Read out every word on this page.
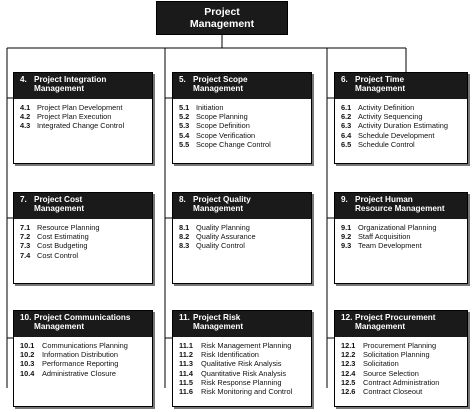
Project
Management
4. Project Integration
Management
4.1 Project Plan Development
4.2 Project Plan Execution
4.3 Integrated Change Control
5. Project Scope
Management
5.1 Initiation
5.2 Scope Planning
5.3 Scope Definition
5.4 Scope Verification
5.5 Scope Change Control
6. Project Time
Management
6.1 Activity Definition
6.2 Activity Sequencing
6.3 Activity Duration Estimating
6.4 Schedule Development
6.5 Schedule Control
7. Project Cost
Management
7.1 Resource Planning
7.2 Cost Estimating
7.3 Cost Budgeting
7.4 Cost Control
8. Project Quality
Management
8.1 Quality Planning
8.2 Quality Assurance
8.3 Quality Control
9. Project Human
Resource Management
9.1 Organizational Planning
9.2 Staff Acquisition
9.3 Team Development
10. Project Communications
Management
10.1 Communications Planning
10.2 Information Distribution
10.3 Performance Reporting
10.4 Administrative Closure
11. Project Risk
Management
11.1 Risk Management Planning
11.2 Risk Identification
11.3 Qualitative Risk Analysis
11.4 Quantitative Risk Analysis
11.5 Risk Response Planning
11.6 Risk Monitoring and Control
12. Project Procurement
Management
12.1 Procurement Planning
12.2 Solicitation Planning
12.3 Solicitation
12.4 Source Selection
12.5 Contract Administration
12.6 Contract Closeout
